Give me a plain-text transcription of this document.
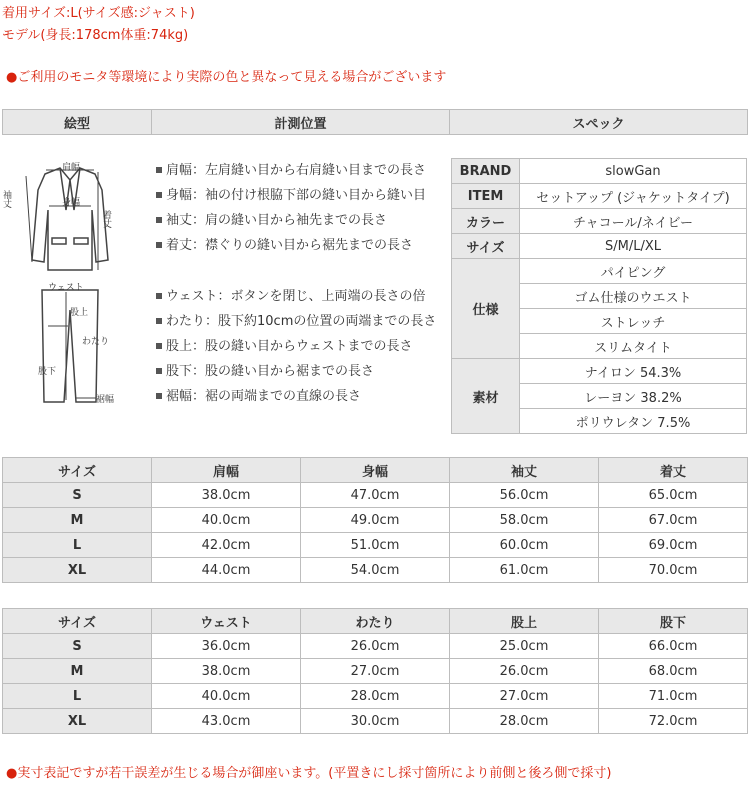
着用サイズ:L(サイズ感:ジャスト)
モデル(身長:178cm体重:74kg)
●ご利用のモニタ等環境により実際の色と異なって見える場合がございます
絵型	計測位置	スペック
肩幅
身幅
袖丈
着丈
ウェスト
股上
わたり
股下
裾幅
肩幅：左肩縫い目から右肩縫い目までの長さ
身幅：袖の付け根脇下部の縫い目から縫い目
袖丈：肩の縫い目から袖先までの長さ
着丈：襟ぐりの縫い目から裾先までの長さ
ウェスト：ボタンを閉じ、上両端の長さの倍
わたり：股下約10cmの位置の両端までの長さ
股上：股の縫い目からウェストまでの長さ
股下：股の縫い目から裾までの長さ
裾幅：裾の両端までの直線の長さ
BRAND	slowGan
ITEM	セットアップ (ジャケットタイプ)
カラー	チャコール/ネイビー
サイズ	S/M/L/XL
仕様	パイピング
	ゴム仕様のウエスト
	ストレッチ
	スリムタイト
素材	ナイロン 54.3%
	レーヨン 38.2%
	ポリウレタン 7.5%
サイズ	肩幅	身幅	袖丈	着丈
S	38.0cm	47.0cm	56.0cm	65.0cm
M	40.0cm	49.0cm	58.0cm	67.0cm
L	42.0cm	51.0cm	60.0cm	69.0cm
XL	44.0cm	54.0cm	61.0cm	70.0cm
サイズ	ウェスト	わたり	股上	股下
S	36.0cm	26.0cm	25.0cm	66.0cm
M	38.0cm	27.0cm	26.0cm	68.0cm
L	40.0cm	28.0cm	27.0cm	71.0cm
XL	43.0cm	30.0cm	28.0cm	72.0cm
●実寸表記ですが若干誤差が生じる場合が御座います。(平置きにし採寸箇所により前側と後ろ側で採寸)
